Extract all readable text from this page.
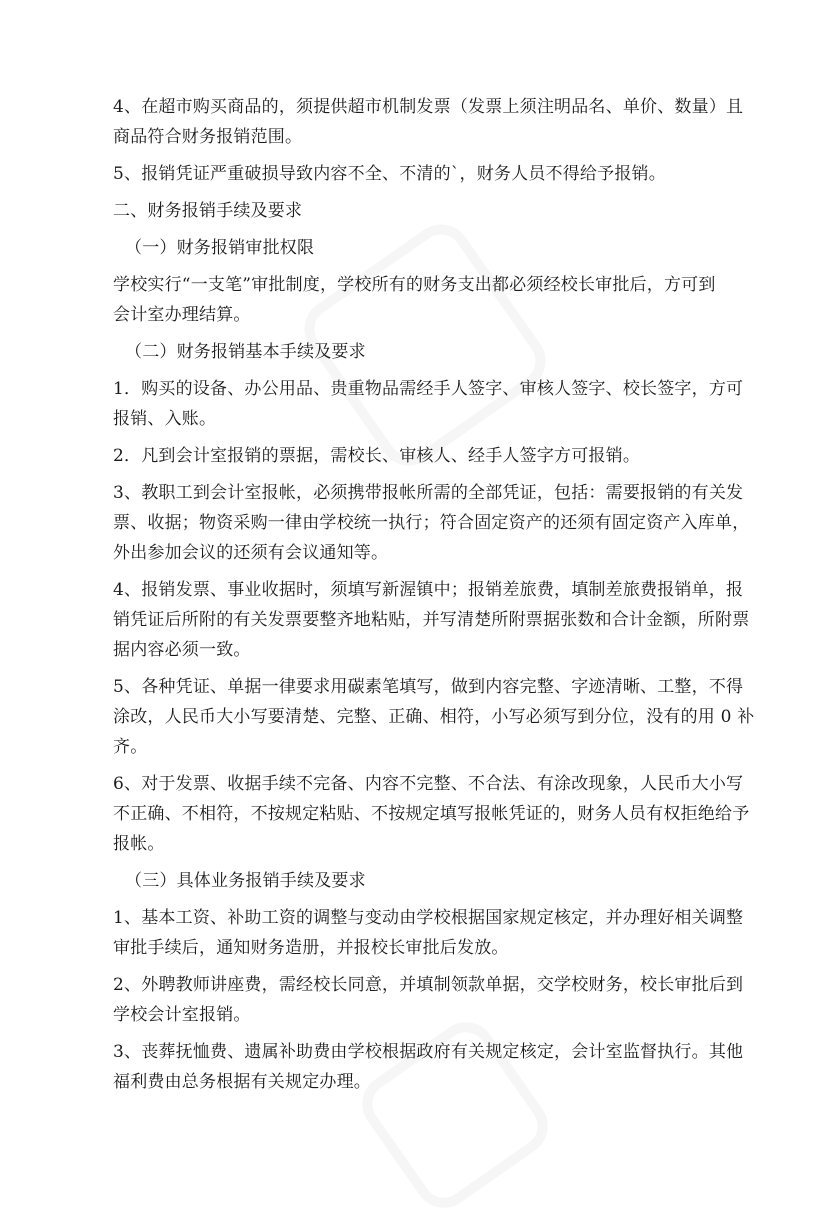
4、在超市购买商品的，须提供超市机制发票（发票上须注明品名、单价、数量）且
商品符合财务报销范围。
5、报销凭证严重破损导致内容不全、不清的`，财务人员不得给予报销。
二、财务报销手续及要求
（一）财务报销审批权限
学校实行“一支笔”审批制度，学校所有的财务支出都必须经校长审批后，方可到
会计室办理结算。
（二）财务报销基本手续及要求
1．购买的设备、办公用品、贵重物品需经手人签字、审核人签字、校长签字，方可
报销、入账。
2．凡到会计室报销的票据，需校长、审核人、经手人签字方可报销。
3、教职工到会计室报帐，必须携带报帐所需的全部凭证，包括：需要报销的有关发
票、收据；物资采购一律由学校统一执行；符合固定资产的还须有固定资产入库单，
外出参加会议的还须有会议通知等。
4、报销发票、事业收据时，须填写新渥镇中；报销差旅费，填制差旅费报销单，报
销凭证后所附的有关发票要整齐地粘贴，并写清楚所附票据张数和合计金额，所附票
据内容必须一致。
5、各种凭证、单据一律要求用碳素笔填写，做到内容完整、字迹清晰、工整，不得
涂改，人民币大小写要清楚、完整、正确、相符，小写必须写到分位，没有的用 0 补
齐。
6、对于发票、收据手续不完备、内容不完整、不合法、有涂改现象，人民币大小写
不正确、不相符，不按规定粘贴、不按规定填写报帐凭证的，财务人员有权拒绝给予
报帐。
（三）具体业务报销手续及要求
1、基本工资、补助工资的调整与变动由学校根据国家规定核定，并办理好相关调整
审批手续后，通知财务造册，并报校长审批后发放。
2、外聘教师讲座费，需经校长同意，并填制领款单据，交学校财务，校长审批后到
学校会计室报销。
3、丧葬抚恤费、遗属补助费由学校根据政府有关规定核定，会计室监督执行。其他
福利费由总务根据有关规定办理。
